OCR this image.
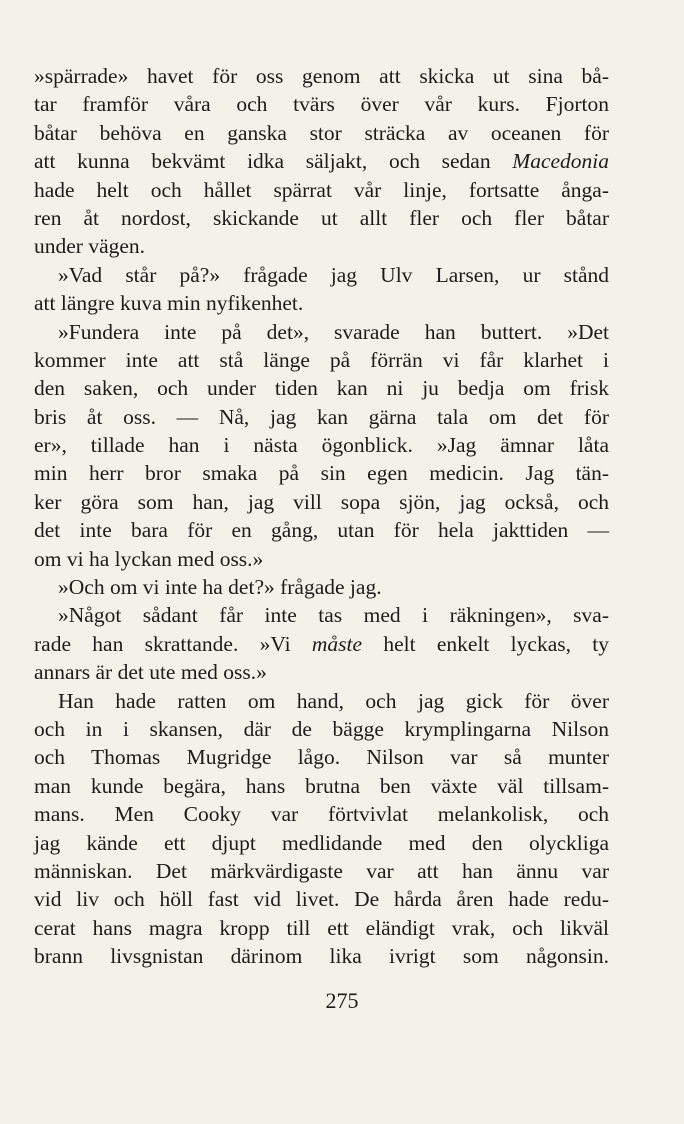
»spärrade» havet för oss genom att skicka ut sina bå-
tar framför våra och tvärs över vår kurs. Fjorton
båtar behöva en ganska stor sträcka av oceanen för
att kunna bekvämt idka säljakt, och sedan Macedonia
hade helt och hållet spärrat vår linje, fortsatte ånga-
ren åt nordost, skickande ut allt fler och fler båtar
under vägen.
»Vad står på?» frågade jag Ulv Larsen, ur stånd
att längre kuva min nyfikenhet.
»Fundera inte på det», svarade han buttert. »Det
kommer inte att stå länge på förrän vi får klarhet i
den saken, och under tiden kan ni ju bedja om frisk
bris åt oss. — Nå, jag kan gärna tala om det för
er», tillade han i nästa ögonblick. »Jag ämnar låta
min herr bror smaka på sin egen medicin. Jag tän-
ker göra som han, jag vill sopa sjön, jag också, och
det inte bara för en gång, utan för hela jakttiden —
om vi ha lyckan med oss.»
»Och om vi inte ha det?» frågade jag.
»Något sådant får inte tas med i räkningen», sva-
rade han skrattande. »Vi måste helt enkelt lyckas, ty
annars är det ute med oss.»
Han hade ratten om hand, och jag gick för över
och in i skansen, där de bägge krymplingarna Nilson
och Thomas Mugridge lågo. Nilson var så munter
man kunde begära, hans brutna ben växte väl tillsam-
mans. Men Cooky var förtvivlat melankolisk, och
jag kände ett djupt medlidande med den olyckliga
människan. Det märkvärdigaste var att han ännu var
vid liv och höll fast vid livet. De hårda åren hade redu-
cerat hans magra kropp till ett eländigt vrak, och likväl
brann livsgnistan därinom lika ivrigt som någonsin.
275
